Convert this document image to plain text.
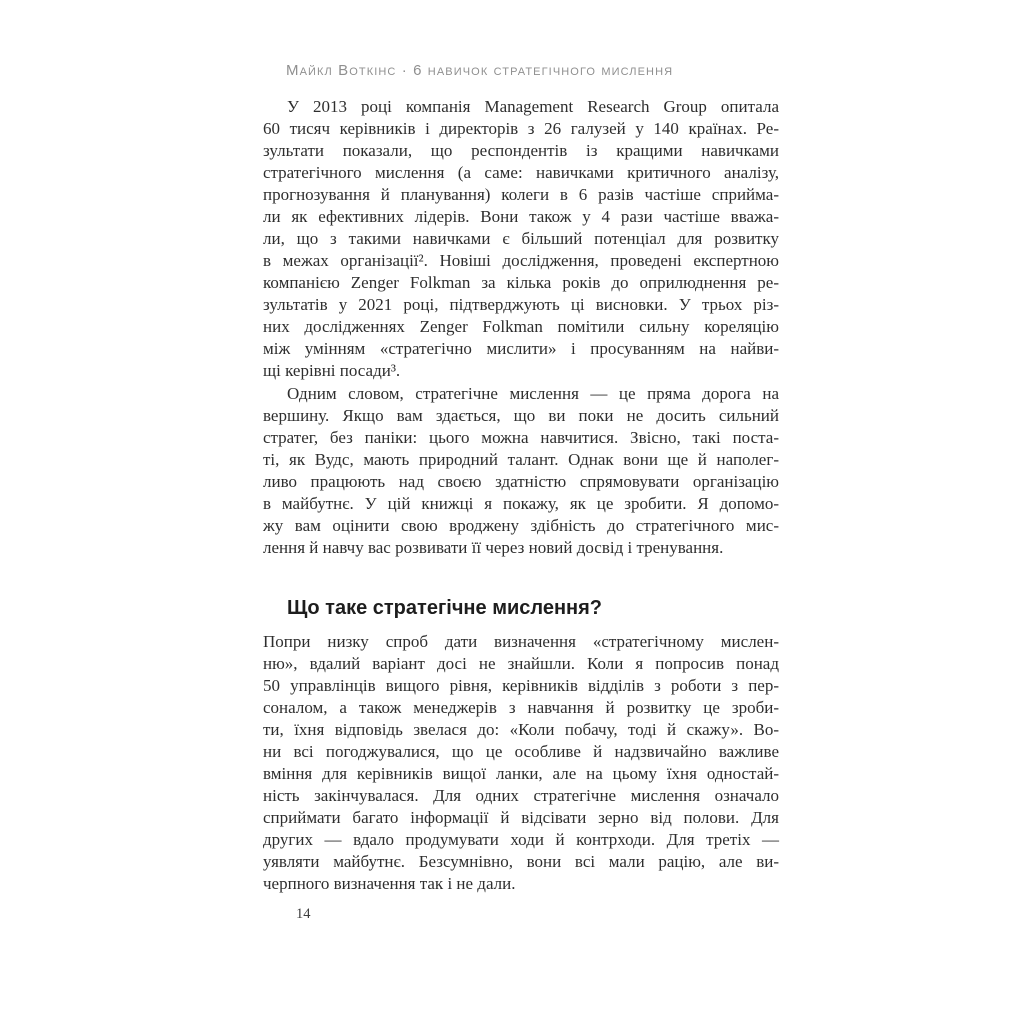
Майкл Воткінс · 6 навичок стратегічного мислення
У 2013 році компанія Management Research Group опитала
60 тисяч керівників і директорів з 26 галузей у 140 країнах. Ре-
зультати показали, що респондентів із кращими навичками
стратегічного мислення (а саме: навичками критичного аналізу,
прогнозування й планування) колеги в 6 разів частіше сприйма-
ли як ефективних лідерів. Вони також у 4 рази частіше вважа-
ли, що з такими навичками є більший потенціал для розвитку
в межах організації². Новіші дослідження, проведені експертною
компанією Zenger Folkman за кілька років до оприлюднення ре-
зультатів у 2021 році, підтверджують ці висновки. У трьох різ-
них дослідженнях Zenger Folkman помітили сильну кореляцію
між умінням «стратегічно мислити» і просуванням на найви-
щі керівні посади³.
Одним словом, стратегічне мислення — це пряма дорога на
вершину. Якщо вам здається, що ви поки не досить сильний
стратег, без паніки: цього можна навчитися. Звісно, такі поста-
ті, як Вудс, мають природний талант. Однак вони ще й наполег-
ливо працюють над своєю здатністю спрямовувати організацію
в майбутнє. У цій книжці я покажу, як це зробити. Я допомо-
жу вам оцінити свою вроджену здібність до стратегічного мис-
лення й навчу вас розвивати її через новий досвід і тренування.
Що таке стратегічне мислення?
Попри низку спроб дати визначення «стратегічному мислен-
ню», вдалий варіант досі не знайшли. Коли я попросив понад
50 управлінців вищого рівня, керівників відділів з роботи з пер-
соналом, а також менеджерів з навчання й розвитку це зроби-
ти, їхня відповідь звелася до: «Коли побачу, тоді й скажу». Во-
ни всі погоджувалися, що це особливе й надзвичайно важливе
вміння для керівників вищої ланки, але на цьому їхня одностай-
ність закінчувалася. Для одних стратегічне мислення означало
сприймати багато інформації й відсівати зерно від полови. Для
других — вдало продумувати ходи й контрходи. Для третіх —
уявляти майбутнє. Безсумнівно, вони всі мали рацію, але ви-
черпного визначення так і не дали.
14
